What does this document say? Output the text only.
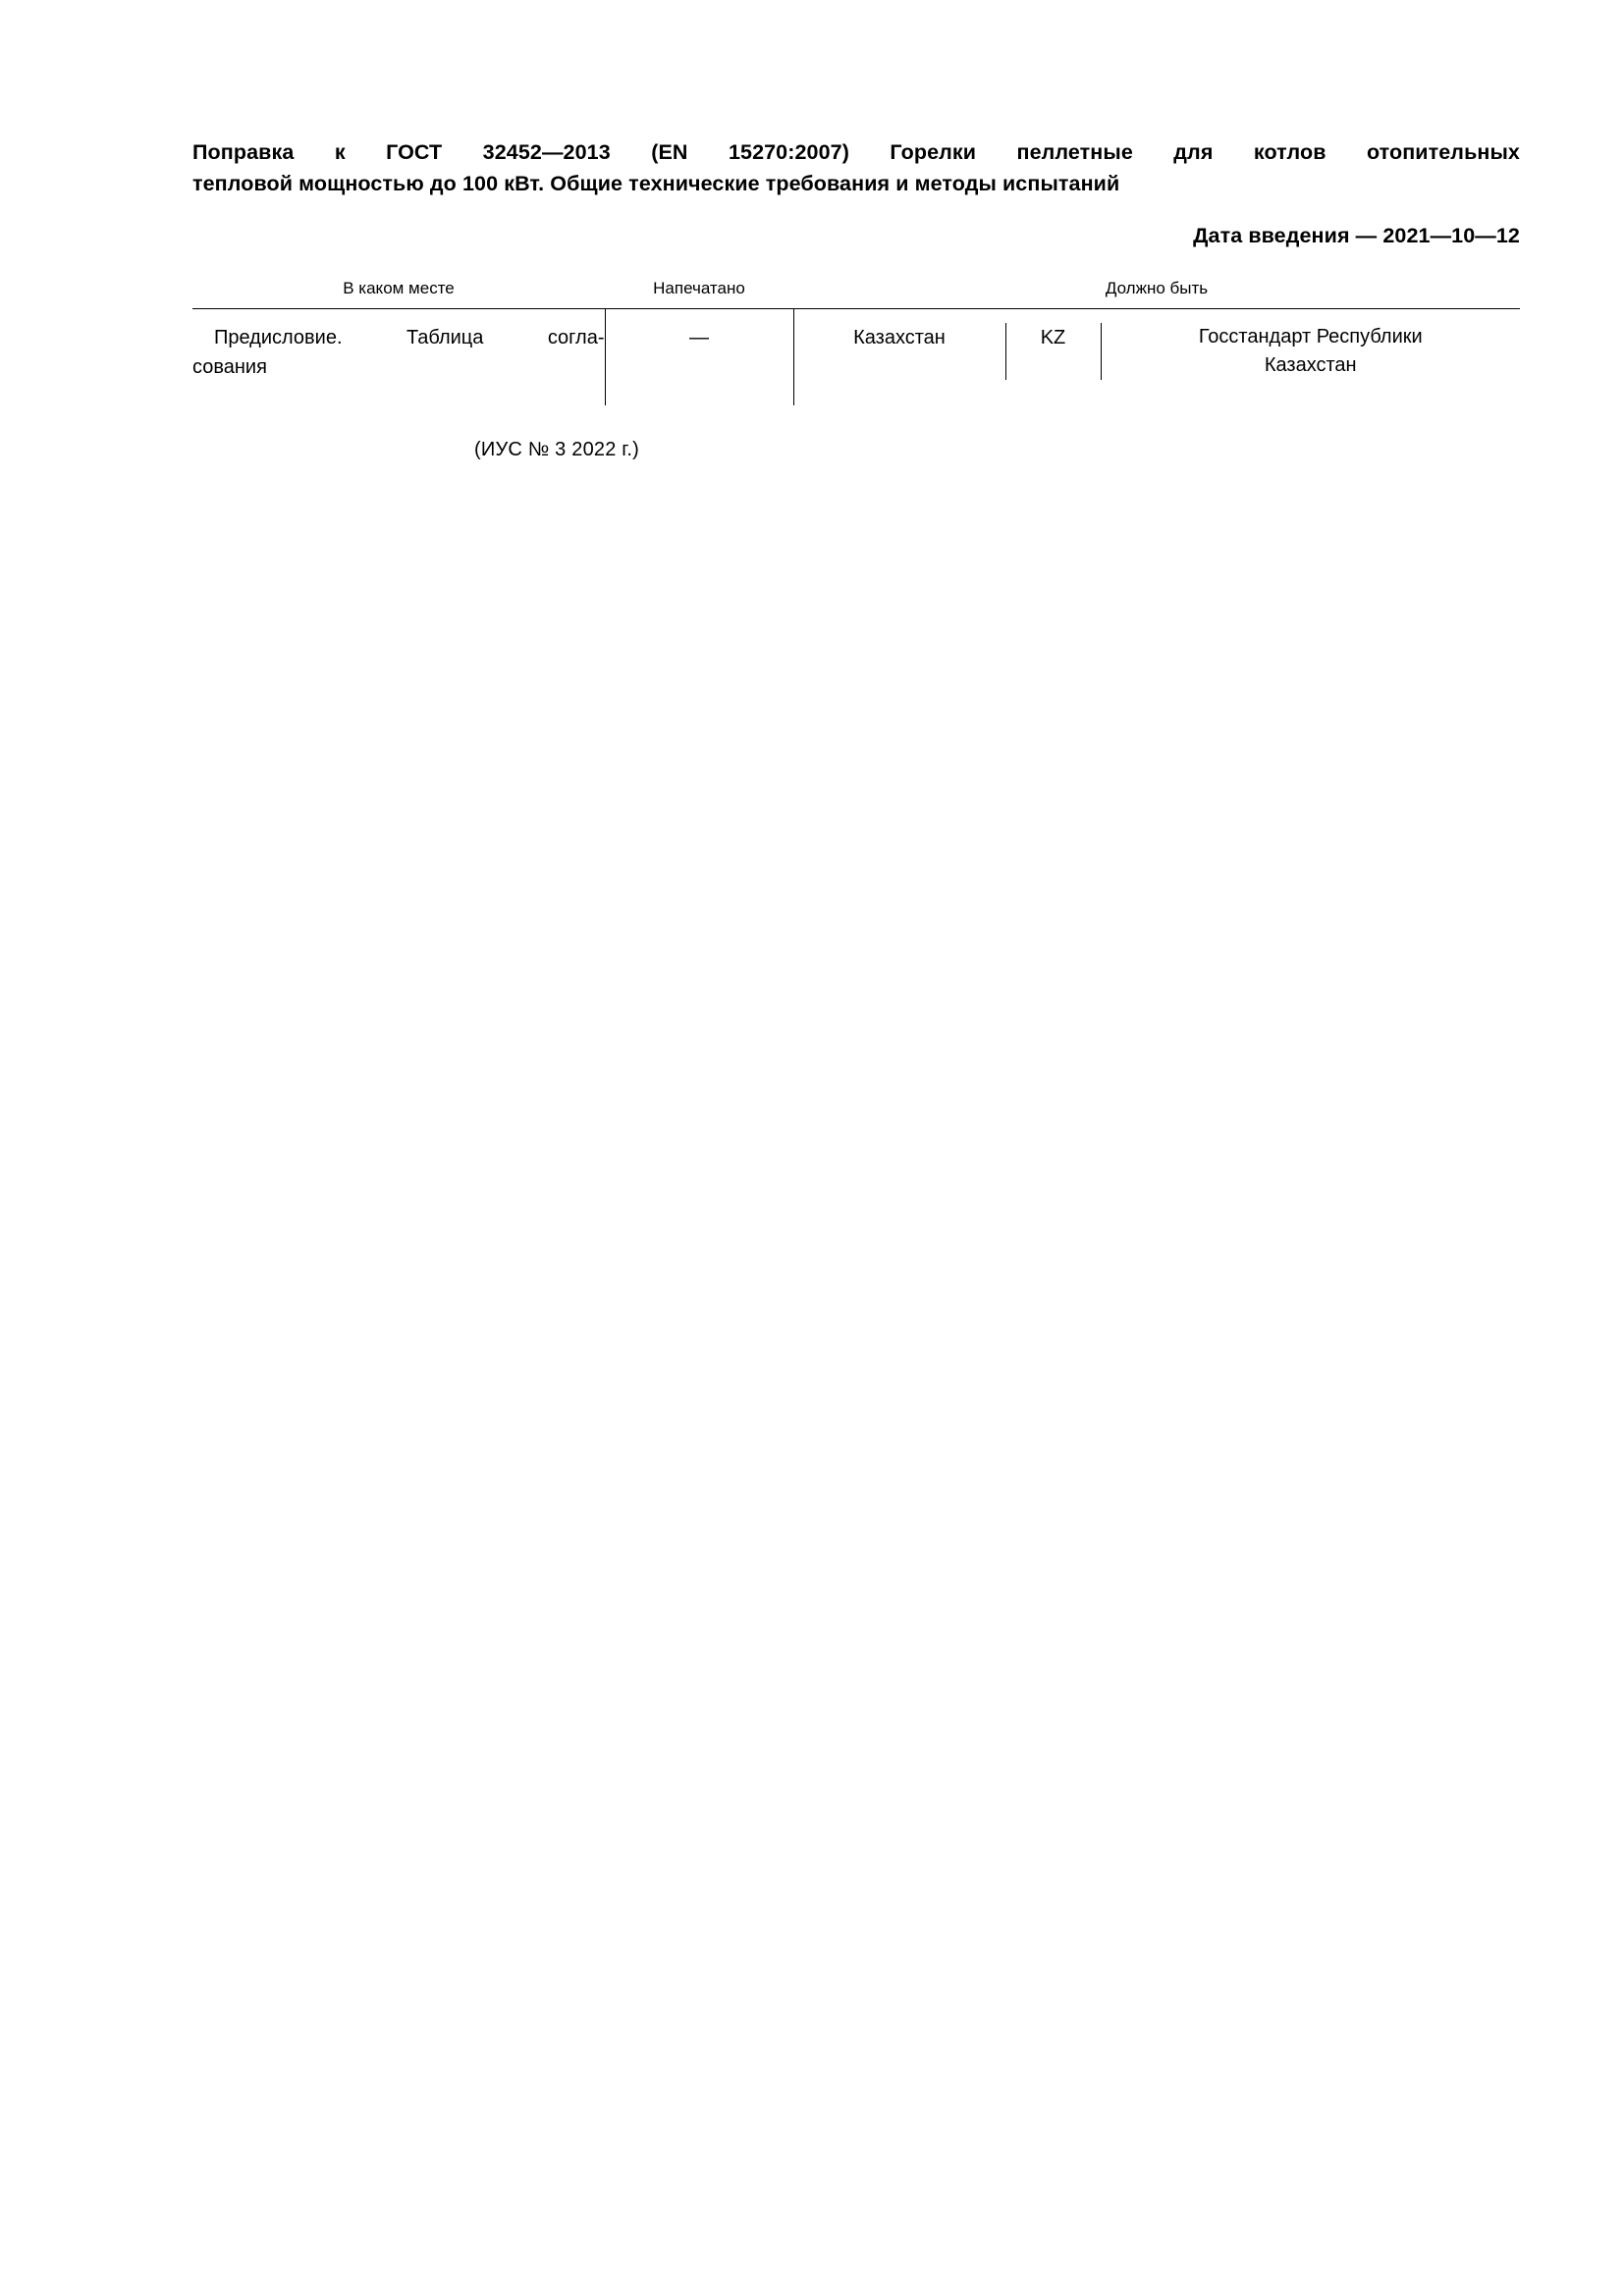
Поправка к ГОСТ 32452—2013 (EN 15270:2007) Горелки пеллетные для котлов отопительных
тепловой мощностью до 100 кВт. Общие технические требования и методы испытаний
Дата введения — 2021—10—12
В каком месте	Напечатано	Должно быть

Предисловие. Таблица согла-
сования
	—	Казахстан	KZ	Госстандарт Республики
Казахстан
(ИУС № 3 2022 г.)
